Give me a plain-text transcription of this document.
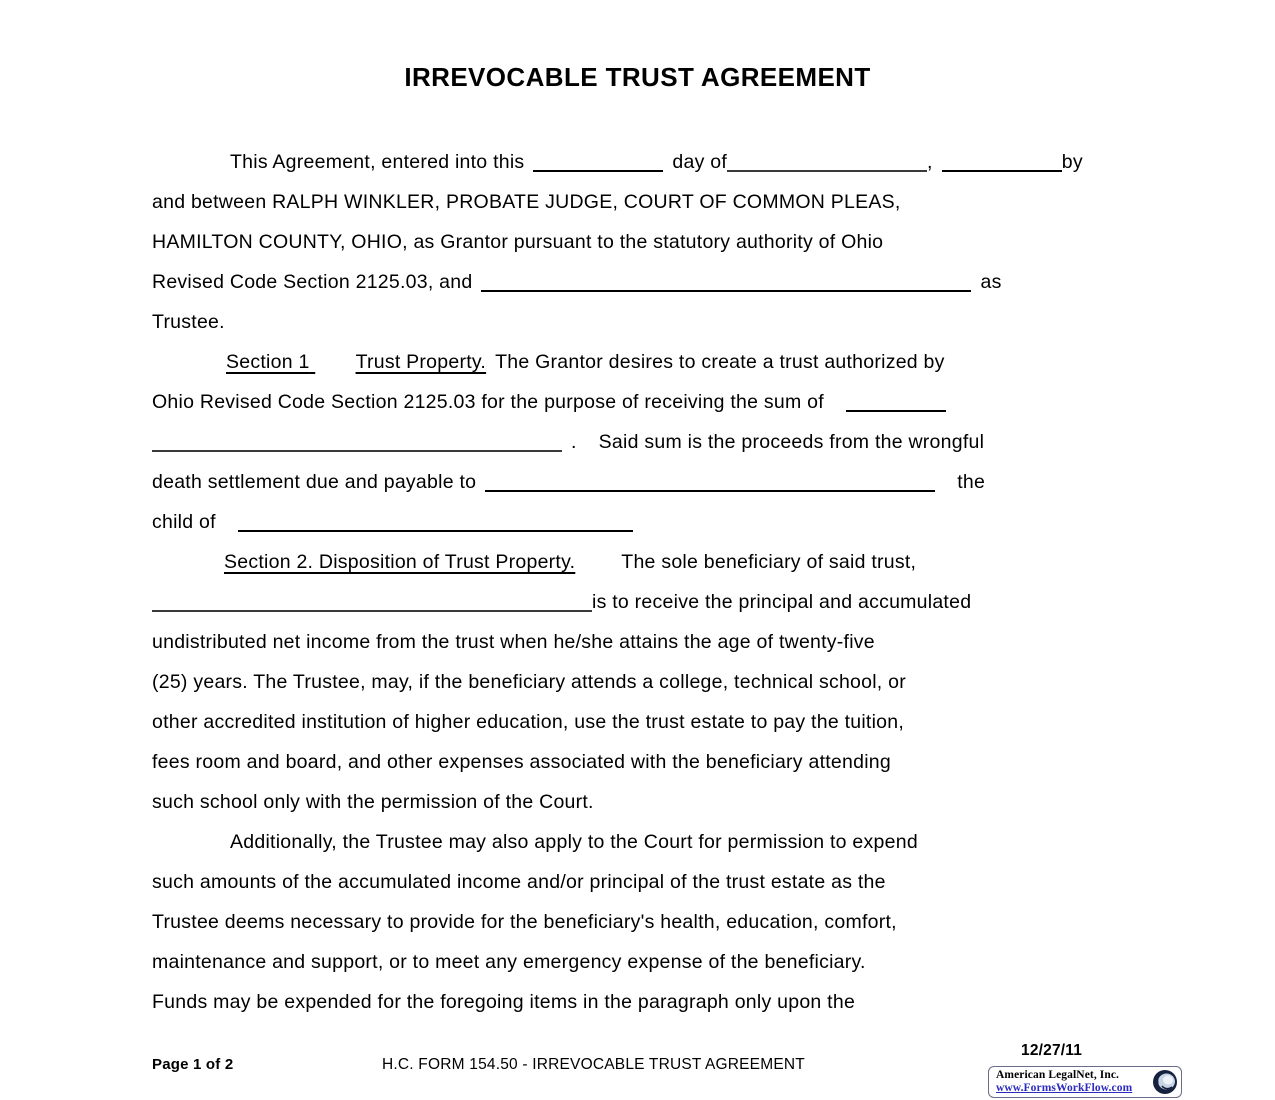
IRREVOCABLE TRUST AGREEMENT
This Agreement, entered into this	day of	,	by
and between RALPH WINKLER, PROBATE JUDGE, COURT OF COMMON PLEAS,
HAMILTON COUNTY, OHIO, as Grantor pursuant to the statutory authority of Ohio
Revised Code Section 2125.03, and	as
Trustee.
Section 1 Trust Property. The Grantor desires to create a trust authorized by
Ohio Revised Code Section 2125.03 for the purpose of receiving the sum of
. Said sum is the proceeds from the wrongful
death settlement due and payable to	the
child of
Section 2. Disposition of Trust Property. The sole beneficiary of said trust,
is to receive the principal and accumulated
undistributed net income from the trust when he/she attains the age of twenty-five
(25) years. The Trustee, may, if the beneficiary attends a college, technical school, or
other accredited institution of higher education, use the trust estate to pay the tuition,
fees room and board, and other expenses associated with the beneficiary attending
such school only with the permission of the Court.
Additionally, the Trustee may also apply to the Court for permission to expend
such amounts of the accumulated income and/or principal of the trust estate as the
Trustee deems necessary to provide for the beneficiary's health, education, comfort,
maintenance and support, or to meet any emergency expense of the beneficiary.
Funds may be expended for the foregoing items in the paragraph only upon the
Page 1 of 2	H.C. FORM 154.50 - IRREVOCABLE TRUST AGREEMENT
12/27/11
American LegalNet, Inc.
www.FormsWorkFlow.com
